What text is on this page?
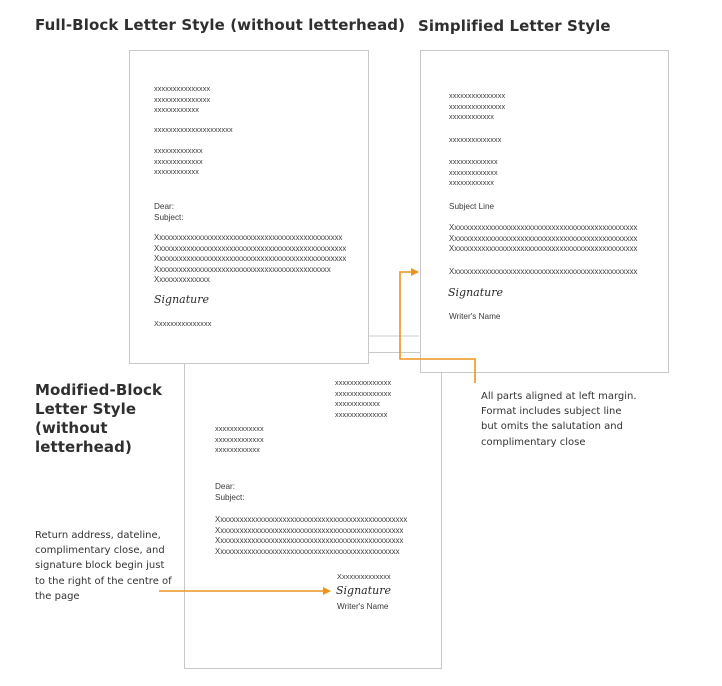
Full-Block Letter Style (without letterhead) Simplified Letter Style
Modified-Block
Letter Style
(without
letterhead)
xxxxxxxxxxxxxxx
xxxxxxxxxxxxxxx
xxxxxxxxxxxx
xxxxxxxxxxxxxx
xxxxxxxxxxxxx
xxxxxxxxxxxxx
xxxxxxxxxxxx
Dear:
Subject:
Xxxxxxxxxxxxxxxxxxxxxxxxxxxxxxxxxxxxxxxxxxxxxxxxx
Xxxxxxxxxxxxxxxxxxxxxxxxxxxxxxxxxxxxxxxxxxxxxxxx
Xxxxxxxxxxxxxxxxxxxxxxxxxxxxxxxxxxxxxxxxxxxxxxxx
Xxxxxxxxxxxxxxxxxxxxxxxxxxxxxxxxxxxxxxxxxxxxxxx
Xxxxxxxxxxxxxx
Signature
Writer's Name
xxxxxxxxxxxxxxx
xxxxxxxxxxxxxxx
xxxxxxxxxxxx
xxxxxxxxxxxxxxxxxxxxx
xxxxxxxxxxxxx
xxxxxxxxxxxxx
xxxxxxxxxxxx
Dear:
Subject:
Xxxxxxxxxxxxxxxxxxxxxxxxxxxxxxxxxxxxxxxxxxxxxxxx
Xxxxxxxxxxxxxxxxxxxxxxxxxxxxxxxxxxxxxxxxxxxxxxxxx
Xxxxxxxxxxxxxxxxxxxxxxxxxxxxxxxxxxxxxxxxxxxxxxxxx
Xxxxxxxxxxxxxxxxxxxxxxxxxxxxxxxxxxxxxxxxxxxxx
Xxxxxxxxxxxxxx
Signature
Xxxxxxxxxxxxxxx
xxxxxxxxxxxxxxx
xxxxxxxxxxxxxxx
xxxxxxxxxxxx
xxxxxxxxxxxxxx
xxxxxxxxxxxxx
xxxxxxxxxxxxx
xxxxxxxxxxxx
Subject Line
Xxxxxxxxxxxxxxxxxxxxxxxxxxxxxxxxxxxxxxxxxxxxxxxx
Xxxxxxxxxxxxxxxxxxxxxxxxxxxxxxxxxxxxxxxxxxxxxxxx
Xxxxxxxxxxxxxxxxxxxxxxxxxxxxxxxxxxxxxxxxxxxxxxxx
Xxxxxxxxxxxxxxxxxxxxxxxxxxxxxxxxxxxxxxxxxxxxxxxx
Signature
Writer's Name

All parts aligned at left margin.
Format includes subject line
but omits the salutation and
complimentary close

Return address, dateline,
complimentary close, and
signature block begin just
to the right of the centre of
the page
